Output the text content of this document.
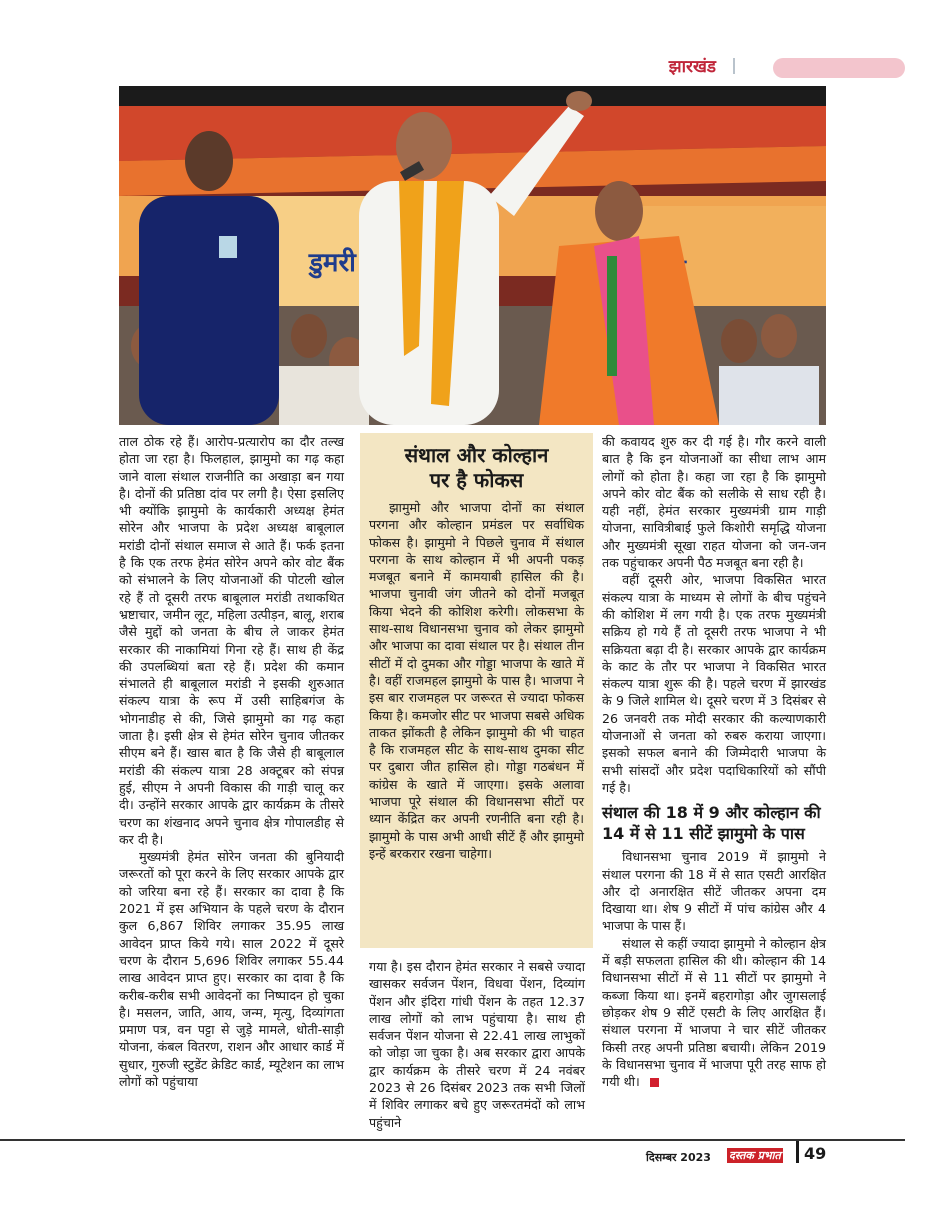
झारखंड
डुमरी

ताल ठोक रहे हैं। आरोप-प्रत्यारोप का दौर तल्ख होता जा रहा है। फिलहाल, झामुमो का गढ़ कहा जाने वाला संथाल राजनीति का अखाड़ा बन गया है। दोनों की प्रतिष्ठा दांव पर लगी है। ऐसा इसलिए भी क्योंकि झामुमो के कार्यकारी अध्यक्ष हेमंत सोरेन और भाजपा के प्रदेश अध्यक्ष बाबूलाल मरांडी दोनों संथाल समाज से आते हैं। फर्क इतना है कि एक तरफ हेमंत सोरेन अपने कोर वोट बैंक को संभालने के लिए योजनाओं की पोटली खोल रहे हैं तो दूसरी तरफ बाबूलाल मरांडी तथाकथित भ्रष्टाचार, जमीन लूट, महिला उत्पीड़न, बालू, शराब जैसे मुद्दों को जनता के बीच ले जाकर हेमंत सरकार की नाकामियां गिना रहे हैं। साथ ही केंद्र की उपलब्धियां बता रहे हैं। प्रदेश की कमान संभालते ही बाबूलाल मरांडी ने इसकी शुरुआत संकल्प यात्रा के रूप में उसी साहिबगंज के भोगनाडीह से की, जिसे झामुमो का गढ़ कहा जाता है। इसी क्षेत्र से हेमंत सोरेन चुनाव जीतकर सीएम बने हैं। खास बात है कि जैसे ही बाबूलाल मरांडी की संकल्प यात्रा 28 अक्टूबर को संपन्न हुई, सीएम ने अपनी विकास की गाड़ी चालू कर दी। उन्होंने सरकार आपके द्वार कार्यक्रम के तीसरे चरण का शंखनाद अपने चुनाव क्षेत्र गोपालडीह से कर दी है।

मुख्यमंत्री हेमंत सोरेन जनता की बुनियादी जरूरतों को पूरा करने के लिए सरकार आपके द्वार को जरिया बना रहे हैं। सरकार का दावा है कि 2021 में इस अभियान के पहले चरण के दौरान कुल 6,867 शिविर लगाकर 35.95 लाख आवेदन प्राप्त किये गये। साल 2022 में दूसरे चरण के दौरान 5,696 शिविर लगाकर 55.44 लाख आवेदन प्राप्त हुए। सरकार का दावा है कि करीब-करीब सभी आवेदनों का निष्पादन हो चुका है। मसलन, जाति, आय, जन्म, मृत्यु, दिव्यांगता प्रमाण पत्र, वन पट्टा से जुड़े मामले, धोती-साड़ी योजना, कंबल वितरण, राशन और आधार कार्ड में सुधार, गुरुजी स्टुडेंट क्रेडिट कार्ड, म्यूटेशन का लाभ लोगों को पहुंचाया

संथाल और कोल्हान
पर है फोकस

झामुमो और भाजपा दोनों का संथाल परगना और कोल्हान प्रमंडल पर सर्वाधिक फोकस है। झामुमो ने पिछले चुनाव में संथाल परगना के साथ कोल्हान में भी अपनी पकड़ मजबूत बनाने में कामयाबी हासिल की है। भाजपा चुनावी जंग जीतने को दोनों मजबूत किया भेदने की कोशिश करेगी। लोकसभा के साथ-साथ विधानसभा चुनाव को लेकर झामुमो और भाजपा का दावा संथाल पर है। संथाल तीन सीटों में दो दुमका और गोड्डा भाजपा के खाते में है। वहीं राजमहल झामुमो के पास है। भाजपा ने इस बार राजमहल पर जरूरत से ज्यादा फोकस किया है। कमजोर सीट पर भाजपा सबसे अधिक ताकत झोंकती है लेकिन झामुमो की भी चाहत है कि राजमहल सीट के साथ-साथ दुमका सीट पर दुबारा जीत हासिल हो। गोड्डा गठबंधन में कांग्रेस के खाते में जाएगा। इसके अलावा भाजपा पूरे संथाल की विधानसभा सीटों पर ध्यान केंद्रित कर अपनी रणनीति बना रही है। झामुमो के पास अभी आधी सीटें हैं और झामुमो इन्हें बरकरार रखना चाहेगा।

गया है। इस दौरान हेमंत सरकार ने सबसे ज्यादा खासकर सर्वजन पेंशन, विधवा पेंशन, दिव्यांग पेंशन और इंदिरा गांधी पेंशन के तहत 12.37 लाख लोगों को लाभ पहुंचाया है। साथ ही सर्वजन पेंशन योजना से 22.41 लाख लाभुकों को जोड़ा जा चुका है। अब सरकार द्वारा आपके द्वार कार्यक्रम के तीसरे चरण में 24 नवंबर 2023 से 26 दिसंबर 2023 तक सभी जिलों में शिविर लगाकर बचे हुए जरूरतमंदों को लाभ पहुंचाने

की कवायद शुरु कर दी गई है। गौर करने वाली बात है कि इन योजनाओं का सीधा लाभ आम लोगों को होता है। कहा जा रहा है कि झामुमो अपने कोर वोट बैंक को सलीके से साध रही है। यही नहीं, हेमंत सरकार मुख्यमंत्री ग्राम गाड़ी योजना, सावित्रीबाई फुले किशोरी समृद्धि योजना और मुख्यमंत्री सूखा राहत योजना को जन-जन तक पहुंचाकर अपनी पैठ मजबूत बना रही है।

वहीं दूसरी ओर, भाजपा विकसित भारत संकल्प यात्रा के माध्यम से लोगों के बीच पहुंचने की कोशिश में लग गयी है। एक तरफ मुख्यमंत्री सक्रिय हो गये हैं तो दूसरी तरफ भाजपा ने भी सक्रियता बढ़ा दी है। सरकार आपके द्वार कार्यक्रम के काट के तौर पर भाजपा ने विकसित भारत संकल्प यात्रा शुरू की है। पहले चरण में झारखंड के 9 जिले शामिल थे। दूसरे चरण में 3 दिसंबर से 26 जनवरी तक मोदी सरकार की कल्याणकारी योजनाओं से जनता को रुबरु कराया जाएगा। इसको सफल बनाने की जिम्मेदारी भाजपा के सभी सांसदों और प्रदेश पदाधिकारियों को सौंपी गई है।

संथाल की 18 में 9 और कोल्हान की 14 में से 11 सीटें झामुमो के पास

विधानसभा चुनाव 2019 में झामुमो ने संथाल परगना की 18 में से सात एसटी आरक्षित और दो अनारक्षित सीटें जीतकर अपना दम दिखाया था। शेष 9 सीटों में पांच कांग्रेस और 4 भाजपा के पास हैं।

संथाल से कहीं ज्यादा झामुमो ने कोल्हान क्षेत्र में बड़ी सफलता हासिल की थी। कोल्हान की 14 विधानसभा सीटों में से 11 सीटों पर झामुमो ने कब्जा किया था। इनमें बहरागोड़ा और जुगसलाई छोड़कर शेष 9 सीटें एसटी के लिए आरक्षित हैं। संथाल परगना में भाजपा ने चार सीटें जीतकर किसी तरह अपनी प्रतिष्ठा बचायी। लेकिन 2019 के विधानसभा चुनाव में भाजपा पूरी तरह साफ हो गयी थी।

दिसम्बर 2023 दस्तक प्रभात 49
